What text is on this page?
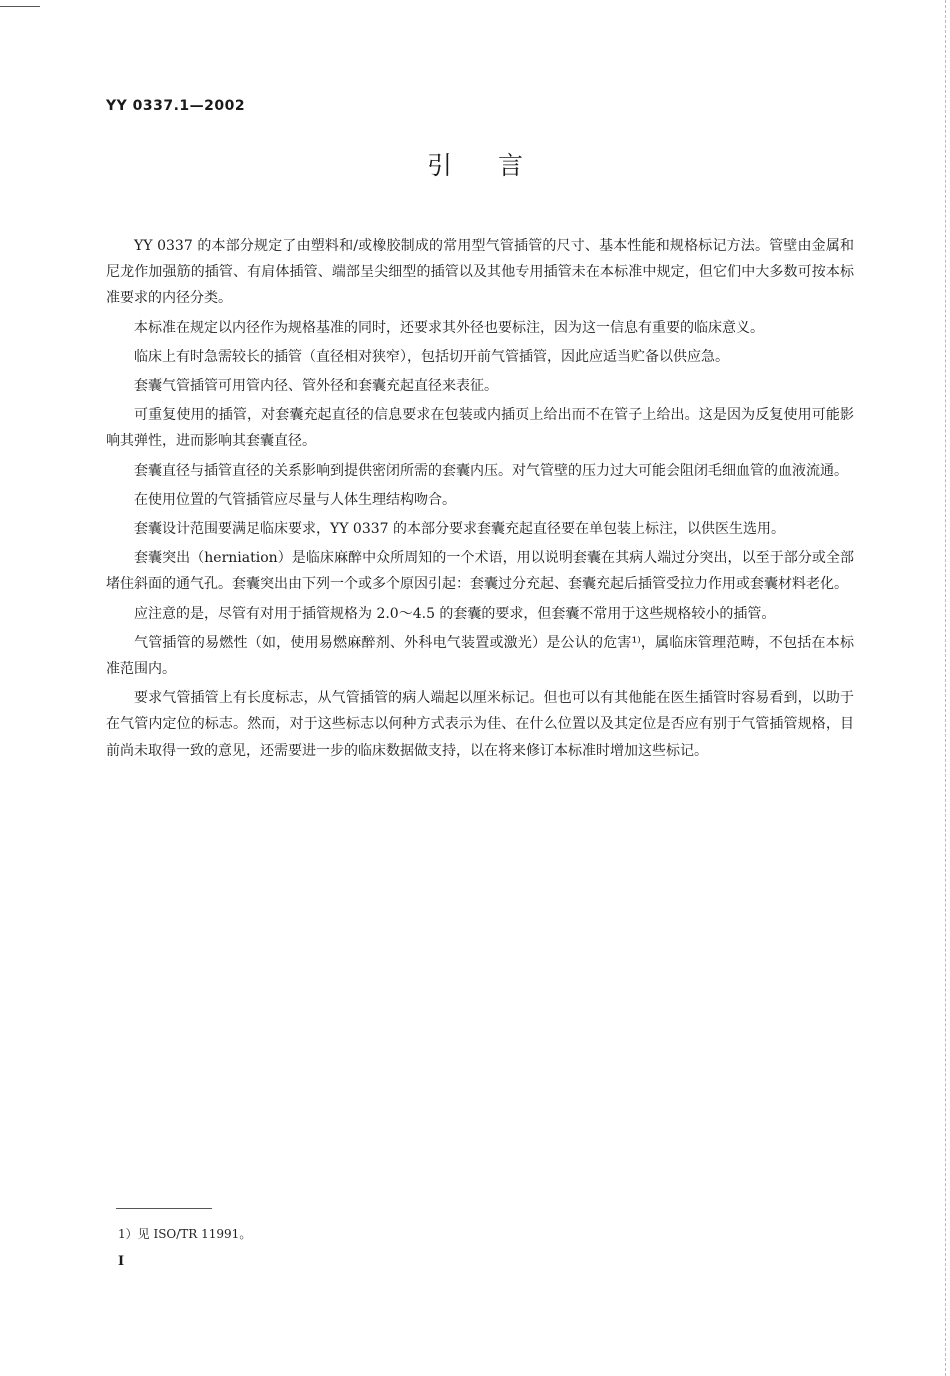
YY 0337.1—2002
引言

YY 0337 的本部分规定了由塑料和/或橡胶制成的常用型气管插管的尺寸、基本性能和规格标记方法。管壁由金属和尼龙作加强筋的插管、有肩体插管、端部呈尖细型的插管以及其他专用插管未在本标准中规定，但它们中大多数可按本标准要求的内径分类。

本标准在规定以内径作为规格基准的同时，还要求其外径也要标注，因为这一信息有重要的临床意义。

临床上有时急需较长的插管（直径相对狭窄），包括切开前气管插管，因此应适当贮备以供应急。

套囊气管插管可用管内径、管外径和套囊充起直径来表征。

可重复使用的插管，对套囊充起直径的信息要求在包装或内插页上给出而不在管子上给出。这是因为反复使用可能影响其弹性，进而影响其套囊直径。

套囊直径与插管直径的关系影响到提供密闭所需的套囊内压。对气管壁的压力过大可能会阻闭毛细血管的血液流通。

在使用位置的气管插管应尽量与人体生理结构吻合。

套囊设计范围要满足临床要求，YY 0337 的本部分要求套囊充起直径要在单包装上标注，以供医生选用。

套囊突出（herniation）是临床麻醉中众所周知的一个术语，用以说明套囊在其病人端过分突出，以至于部分或全部堵住斜面的通气孔。套囊突出由下列一个或多个原因引起：套囊过分充起、套囊充起后插管受拉力作用或套囊材料老化。

应注意的是，尽管有对用于插管规格为 2.0～4.5 的套囊的要求，但套囊不常用于这些规格较小的插管。

气管插管的易燃性（如，使用易燃麻醉剂、外科电气装置或激光）是公认的危害¹⁾，属临床管理范畴，不包括在本标准范围内。

要求气管插管上有长度标志，从气管插管的病人端起以厘米标记。但也可以有其他能在医生插管时容易看到，以助于在气管内定位的标志。然而，对于这些标志以何种方式表示为佳、在什么位置以及其定位是否应有别于气管插管规格，目前尚未取得一致的意见，还需要进一步的临床数据做支持，以在将来修订本标准时增加这些标记。

1）见 ISO/TR 11991。
I
